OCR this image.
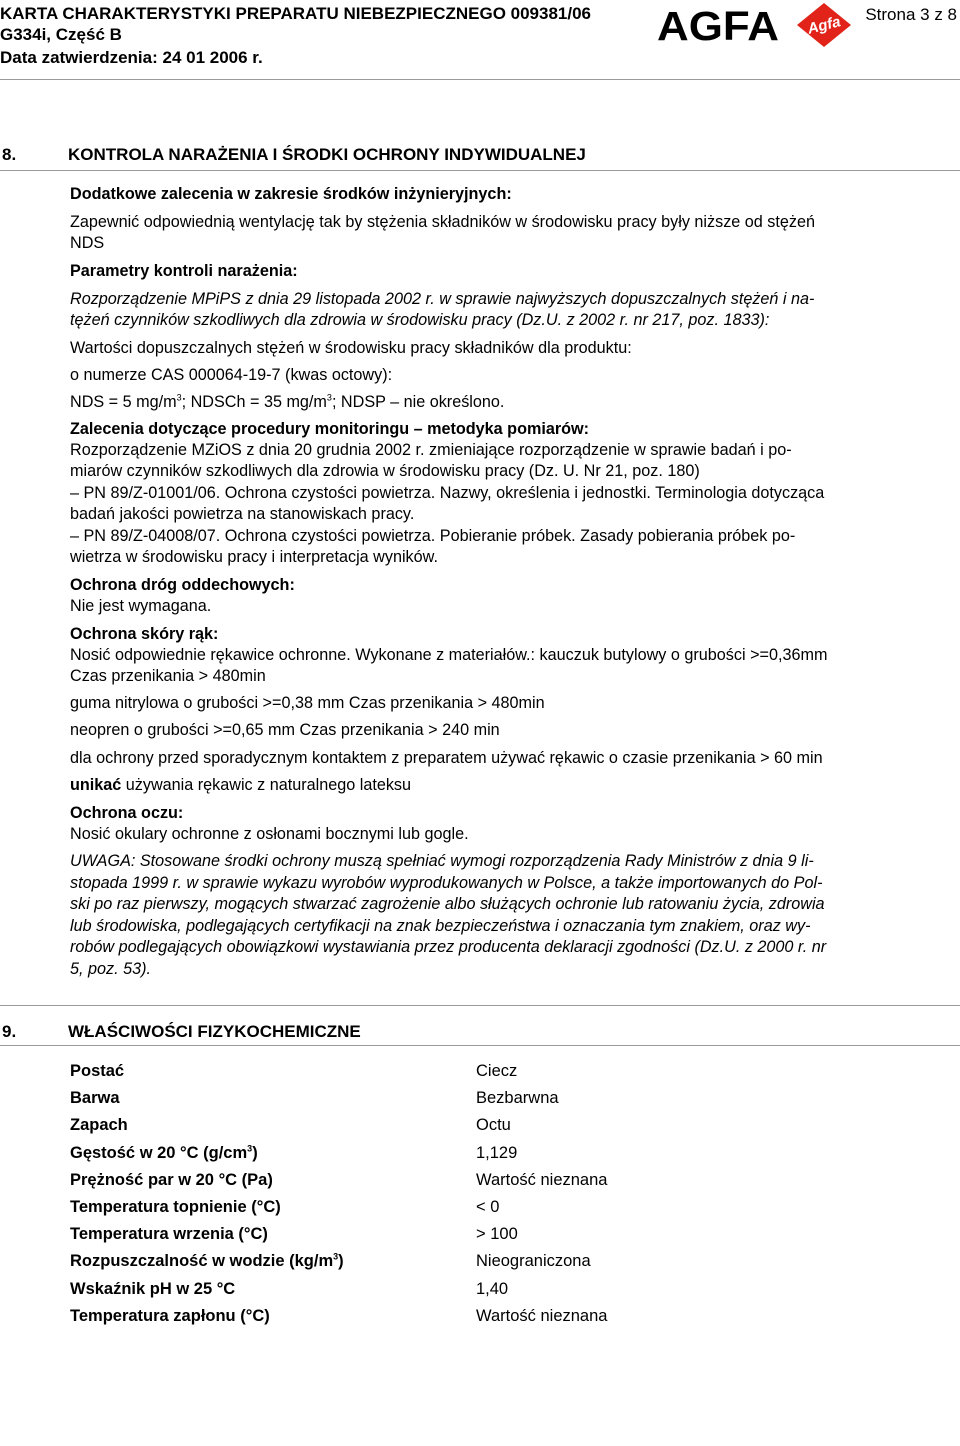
KARTA CHARAKTERYSTYKI PREPARATU NIEBEZPIECZNEGO 009381/06
G334i, Część B
Data zatwierdzenia: 24 01 2006 r.
AGFA Agfa Strona 3 z 8
8.	KONTROLA NARAŻENIA I ŚRODKI OCHRONY INDYWIDUALNEJ
Dodatkowe zalecenia w zakresie środków inżynieryjnych:
Zapewnić odpowiednią wentylację tak by stężenia składników w środowisku pracy były niższe od stężeń
NDS
Parametry kontroli narażenia:
Rozporządzenie MPiPS z dnia 29 listopada 2002 r. w sprawie najwyższych dopuszczalnych stężeń i na-
tężeń czynników szkodliwych dla zdrowia w środowisku pracy (Dz.U. z 2002 r. nr 217, poz. 1833):
Wartości dopuszczalnych stężeń w środowisku pracy składników dla produktu:
o numerze CAS 000064-19-7 (kwas octowy):
NDS = 5 $mg/m^3$; NDSCh = 35 $mg/m^3$; NDSP – nie określono.
Zalecenia dotyczące procedury monitoringu – metodyka pomiarów:
Rozporządzenie MZiOS z dnia 20 grudnia 2002 r. zmieniające rozporządzenie w sprawie badań i po-
miarów czynników szkodliwych dla zdrowia w środowisku pracy (Dz. U. Nr 21, poz. 180)
– PN 89/Z-01001/06. Ochrona czystości powietrza. Nazwy, określenia i jednostki. Terminologia dotycząca
badań jakości powietrza na stanowiskach pracy.
– PN 89/Z-04008/07. Ochrona czystości powietrza. Pobieranie próbek. Zasady pobierania próbek po-
wietrza w środowisku pracy i interpretacja wyników.
Ochrona dróg oddechowych:
Nie jest wymagana.
Ochrona skóry rąk:
Nosić odpowiednie rękawice ochronne. Wykonane z materiałów.: kauczuk butylowy o grubości >=0,36mm
Czas przenikania > 480min
guma nitrylowa o grubości >=0,38 mm Czas przenikania > 480min
neopren o grubości >=0,65 mm Czas przenikania > 240 min
dla ochrony przed sporadycznym kontaktem z preparatem używać rękawic o czasie przenikania > 60 min
unikać używania rękawic z naturalnego lateksu
Ochrona oczu:
Nosić okulary ochronne z osłonami bocznymi lub gogle.
UWAGA: Stosowane środki ochrony muszą spełniać wymogi rozporządzenia Rady Ministrów z dnia 9 li-
stopada 1999 r. w sprawie wykazu wyrobów wyprodukowanych w Polsce, a także importowanych do Pol-
ski po raz pierwszy, mogących stwarzać zagrożenie albo służących ochronie lub ratowaniu życia, zdrowia
lub środowiska, podlegających certyfikacji na znak bezpieczeństwa i oznaczania tym znakiem, oraz wy-
robów podlegających obowiązkowi wystawiania przez producenta deklaracji zgodności (Dz.U. z 2000 r. nr
5, poz. 53).
9.	WŁAŚCIWOŚCI FIZYKOCHEMICZNE
Postać	Ciecz
Barwa	Bezbarwna
Zapach	Octu
Gęstość w 20 °C $(g/cm^3)$	1,129
Prężność par w 20 °C (Pa)	Wartość nieznana
Temperatura topnienie (°C)	< 0
Temperatura wrzenia (°C)	> 100
Rozpuszczalność w wodzie $(kg/m^3)$	Nieograniczona
Wskaźnik pH w 25 °C	1,40
Temperatura zapłonu (°C)	Wartość nieznana
